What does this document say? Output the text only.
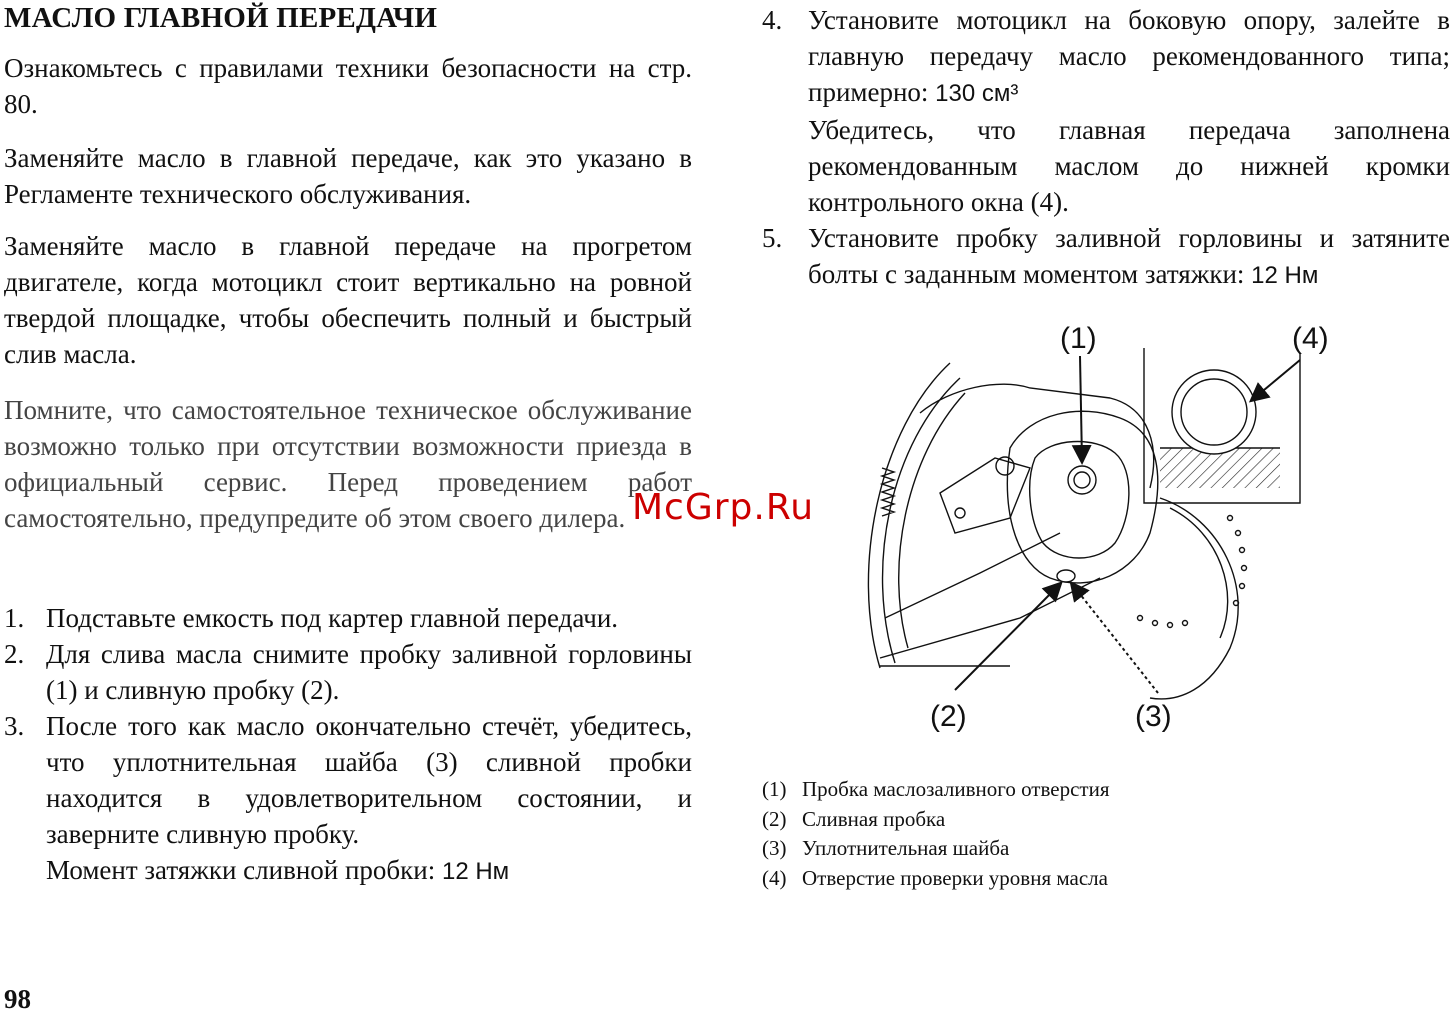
МАСЛО ГЛАВНОЙ ПЕРЕДАЧИ

Ознакомьтесь с правилами техники безопасности на стр. 80.

Заменяйте масло в главной передаче, как это указано в Регламенте технического обслуживания.

Заменяйте масло в главной передаче на прогретом двигателе, когда мотоцикл стоит вертикально на ровной твердой площадке, чтобы обеспечить полный и быстрый слив масла.

Помните, что самостоятельное техническое обслуживание возможно только при отсутствии возможности приезда в официальный сервис. Перед проведением работ самостоятельно, предупредите об этом своего дилера.

1. Подставьте емкость под картер главной передачи.
2. Для слива масла снимите пробку заливной горловины (1) и сливную пробку (2).
3. После того как масло окончательно стечёт, убедитесь, что уплотнительная шайба (3) сливной пробки находится в удовлетворительном состоянии, и заверните сливную пробку.
Момент затяжки сливной пробки: 12 Нм
4. Установите мотоцикл на боковую опору, залейте в главную передачу масло рекомендованного типа; примерно: 130 см³
Убедитесь, что главная передача заполнена рекомендованным маслом до нижней кромки контрольного окна (4).
5. Установите пробку заливной горловины и затяните болты с заданным моментом затяжки: 12 Нм
(1)	(4)
(2)	(3)
(1) Пробка маслозаливного отверстия
(2) Сливная пробка
(3) Уплотнительная шайба
(4) Отверстие проверки уровня масла
McGrp.Ru
98
